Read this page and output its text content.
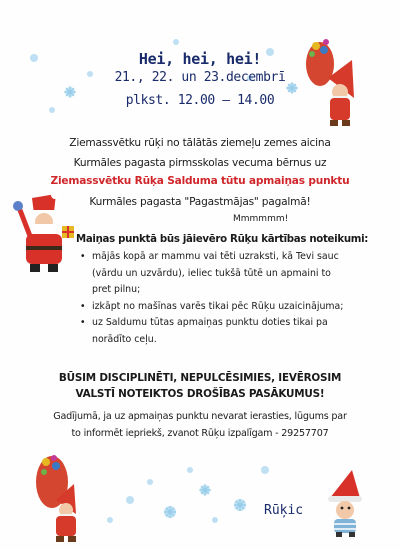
Hei, hei, hei!
21., 22. un 23.decembrī
plkst. 12.00 – 14.00
Ziemassvētku rūķi no tālātās ziemeļu zemes aicina
Kurmāles pagasta pirmsskolas vecuma bērnus uz
Ziemassvētku Rūķa Salduma tūtu apmaiņas punktu
Kurmāles pagasta "Pagastmājas" pagalmā!
Mmmmmm!
Maiņas punktā būs jāievēro Rūķu kārtības noteikumi:
• mājās kopā ar mammu vai tēti uzraksti, kā Tevi sauc
(vārdu un uzvārdu), ieliec tukšā tūtē un apmaini to
pret pilnu;
• izkāpt no mašīnas varēs tikai pēc Rūķu uzaicinājuma;
• uz Saldumu tūtas apmaiņas punktu doties tikai pa
norādīto ceļu.
BŪSIM DISCIPLINĒTI, NEPULCĒSIMIES, IEVĒROSIM
VALSTĪ NOTEIKTOS DROŠĪBAS PASĀKUMUS!
Gadījumā, ja uz apmaiņas punktu nevarat ierasties, lūgums par
to informēt iepriekš, zvanot Rūķu izpalīgam - 29257707
Rūķic
